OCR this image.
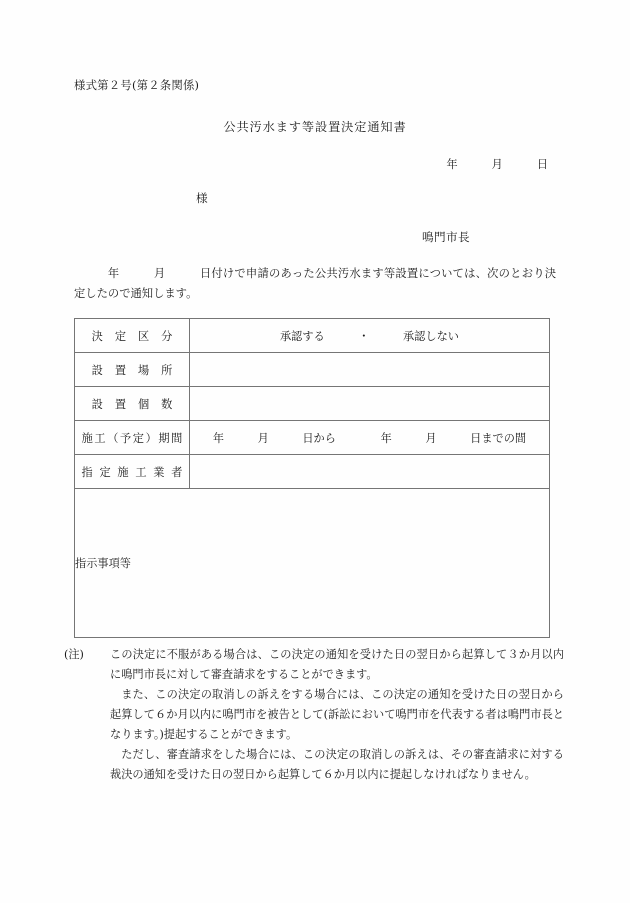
様式第２号(第２条関係)
公共汚水ます等設置決定通知書
年　　　月　　　日
様
鳴門市長
年　　　月　　　日付けで申請のあった公共汚水ます等設置については、次のとおり決定したので通知します。
決 定 区 分	承認する　　　・　　　承認しない
設 置 場 所	
設 置 個 数	
施工（予定）期間	年　　　月　　　日から　　　　年　　　月　　　日までの間
指 定 施 工 業 者	
指示事項等	
(注)	この決定に不服がある場合は、この決定の通知を受けた日の翌日から起算して３か月以内に鳴門市長に対して審査請求をすることができます。
また、この決定の取消しの訴えをする場合には、この決定の通知を受けた日の翌日から起算して６か月以内に鳴門市を被告として(訴訟において鳴門市を代表する者は鳴門市長となります。)提起することができます。
ただし、審査請求をした場合には、この決定の取消しの訴えは、その審査請求に対する裁決の通知を受けた日の翌日から起算して６か月以内に提起しなければなりません。
